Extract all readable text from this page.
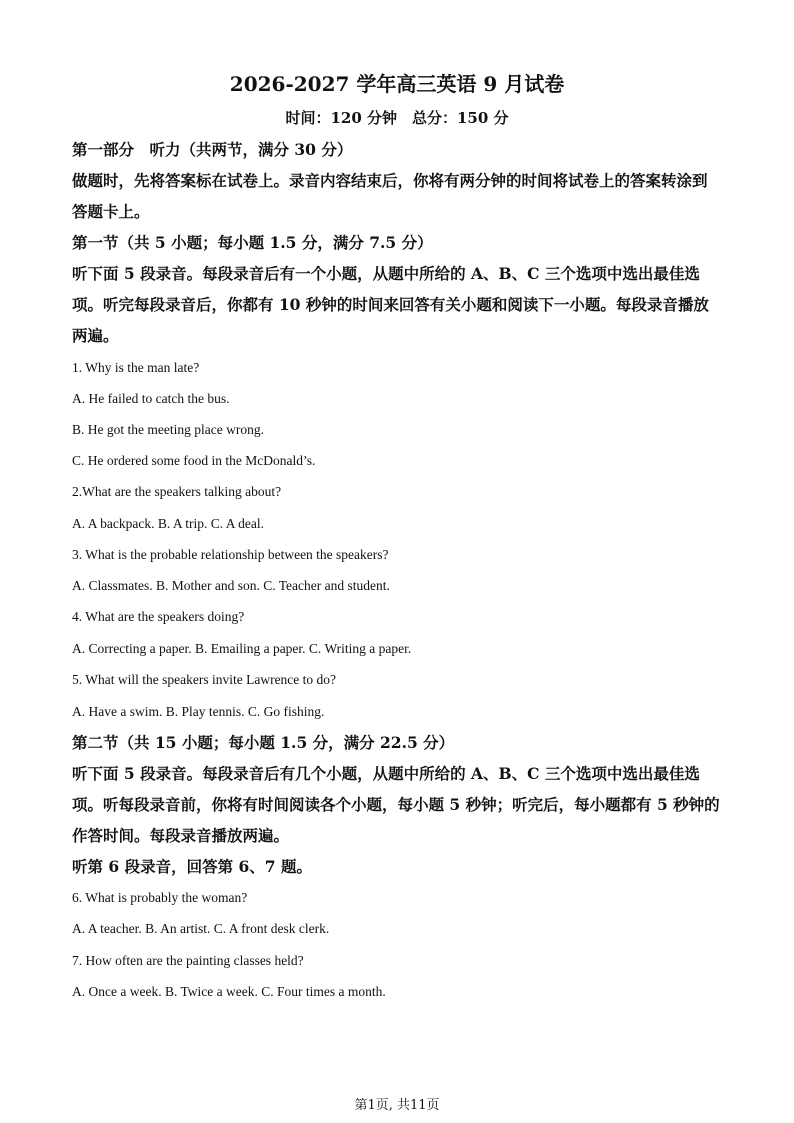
2026-2027 学年高三英语 9 月试卷
时间：120 分钟　总分：150 分
第一部分　听力（共两节，满分 30 分）
做题时，先将答案标在试卷上。录音内容结束后，你将有两分钟的时间将试卷上的答案转涂到答题卡上。
第一节（共 5 小题；每小题 1.5 分，满分 7.5 分）
听下面 5 段录音。每段录音后有一个小题，从题中所给的 A、B、C 三个选项中选出最佳选项。听完每段录音后，你都有 10 秒钟的时间来回答有关小题和阅读下一小题。每段录音播放两遍。
1. Why is the man late?
A. He failed to catch the bus.
B. He got the meeting place wrong.
C. He ordered some food in the McDonald’s.
2.What are the speakers talking about?
A. A backpack. B. A trip. C. A deal.
3. What is the probable relationship between the speakers?
A. Classmates. B. Mother and son. C. Teacher and student.
4. What are the speakers doing?
A. Correcting a paper. B. Emailing a paper. C. Writing a paper.
5. What will the speakers invite Lawrence to do?
A. Have a swim. B. Play tennis. C. Go fishing.
第二节（共 15 小题；每小题 1.5 分，满分 22.5 分）
听下面 5 段录音。每段录音后有几个小题，从题中所给的 A、B、C 三个选项中选出最佳选项。听每段录音前，你将有时间阅读各个小题，每小题 5 秒钟；听完后，每小题都有 5 秒钟的作答时间。每段录音播放两遍。
听第 6 段录音，回答第 6、7 题。
6. What is probably the woman?
A. A teacher. B. An artist. C. A front desk clerk.
7. How often are the painting classes held?
A. Once a week. B. Twice a week. C. Four times a month.
第1页, 共11页
